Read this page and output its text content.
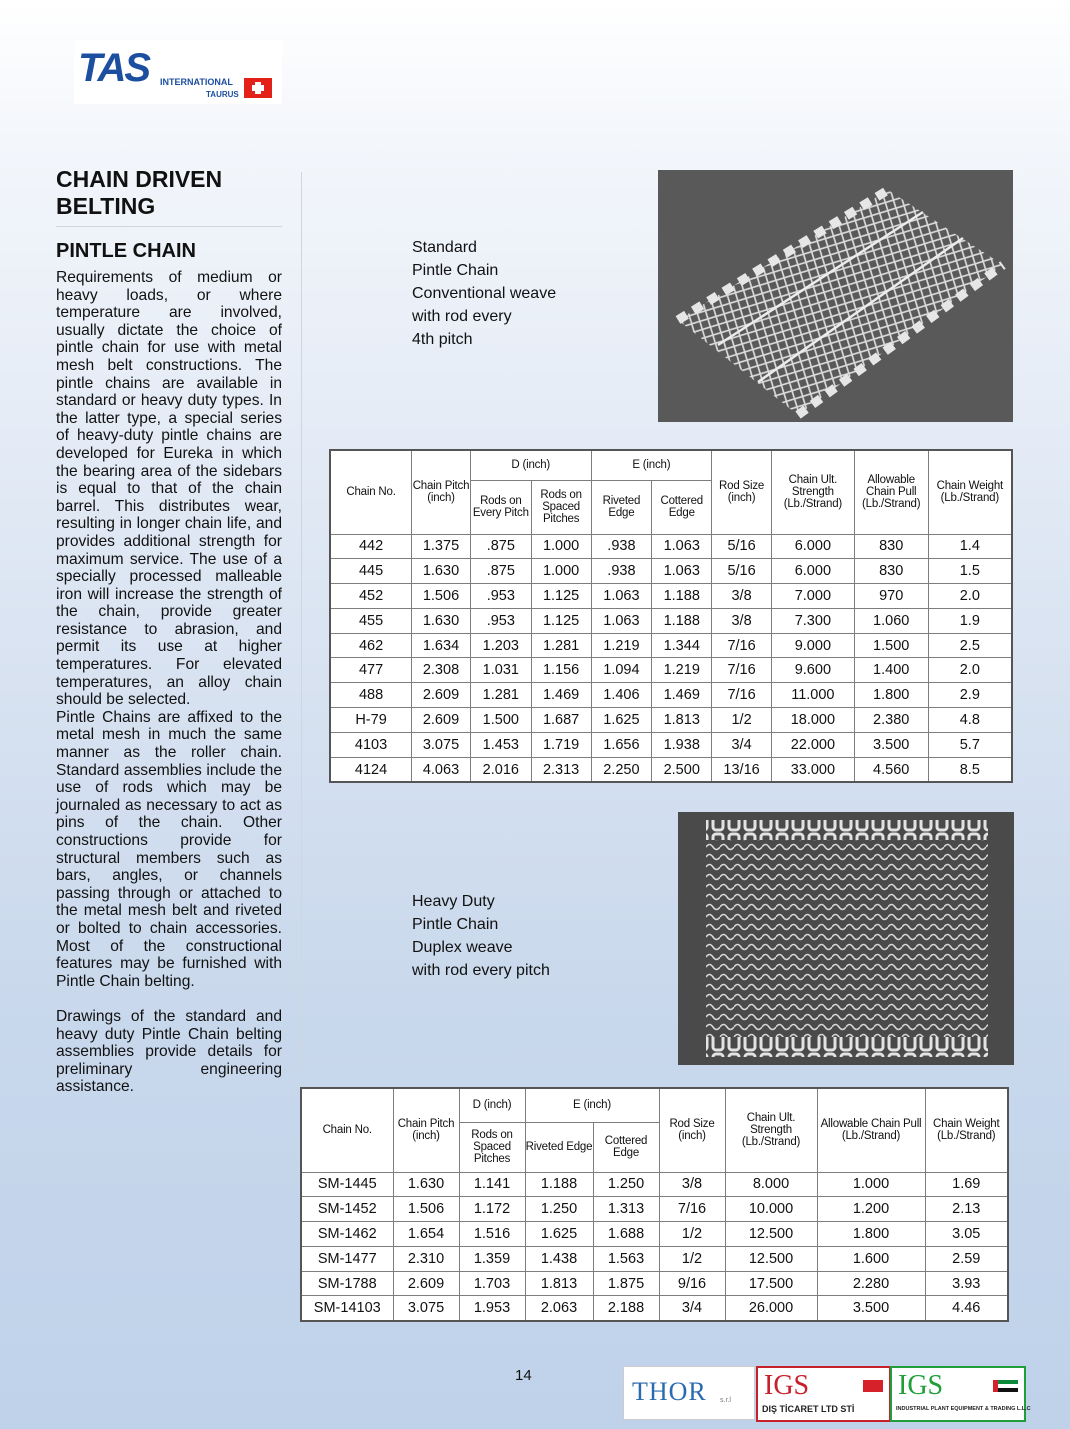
TAS INTERNATIONAL
TAURUS
CHAIN DRIVEN BELTING
PINTLE CHAIN

Requirements of medium or heavy loads, or where temperature are involved, usually dictate the choice of pintle chain for use with metal mesh belt constructions. The pintle chains are available in standard or heavy duty types. In the latter type, a special series of heavy-duty pintle chains are developed for Eureka in which the bearing area of the sidebars is equal to that of the chain barrel. This distributes wear, resulting in longer chain life, and provides additional strength for maximum service. The use of a specially processed malleable iron will increase the strength of the chain, provide greater resistance to abrasion, and permit its use at higher temperatures. For elevated temperatures, an alloy chain should be selected.

Pintle Chains are affixed to the metal mesh in much the same manner as the roller chain. Standard assemblies include the use of rods which may be journaled as necessary to act as pins of the chain. Other constructions provide for structural members such as bars, angles, or channels passing through or attached to the metal mesh belt and riveted or bolted to chain accessories. Most of the constructional features may be furnished with Pintle Chain belting.

Drawings of the standard and heavy duty Pintle Chain belting assemblies provide details for preliminary engineering assistance.

Standard
Pintle Chain
Conventional weave
with rod every
4th pitch
Chain No.	Chain Pitch (inch)	D (inch)		E (inch)		Rod Size (inch)	Chain Ult. Strength (Lb./Strand)	Allowable Chain Pull (Lb./Strand)	Chain Weight (Lb./Strand)
		Rods on Every Pitch	Rods on Spaced Pitches	Riveted Edge	Cottered Edge				
442	1.375	.875	1.000	.938	1.063	5/16	6.000	830	1.4
445	1.630	.875	1.000	.938	1.063	5/16	6.000	830	1.5
452	1.506	.953	1.125	1.063	1.188	3/8	7.000	970	2.0
455	1.630	.953	1.125	1.063	1.188	3/8	7.300	1.060	1.9
462	1.634	1.203	1.281	1.219	1.344	7/16	9.000	1.500	2.5
477	2.308	1.031	1.156	1.094	1.219	7/16	9.600	1.400	2.0
488	2.609	1.281	1.469	1.406	1.469	7/16	11.000	1.800	2.9
H-79	2.609	1.500	1.687	1.625	1.813	1/2	18.000	2.380	4.8
4103	3.075	1.453	1.719	1.656	1.938	3/4	22.000	3.500	5.7
4124	4.063	2.016	2.313	2.250	2.500	13/16	33.000	4.560	8.5
Heavy Duty
Pintle Chain
Duplex weave
with rod every pitch
Chain No.	Chain Pitch (inch)	D (inch)	E (inch)		Rod Size (inch)	Chain Ult. Strength (Lb./Strand)	Allowable Chain Pull (Lb./Strand)	Chain Weight (Lb./Strand)
		Rods on Spaced Pitches	Riveted Edge	Cottered Edge				
SM-1445	1.630	1.141	1.188	1.250	3/8	8.000	1.000	1.69
SM-1452	1.506	1.172	1.250	1.313	7/16	10.000	1.200	2.13
SM-1462	1.654	1.516	1.625	1.688	1/2	12.500	1.800	3.05
SM-1477	2.310	1.359	1.438	1.563	1/2	12.500	1.600	2.59
SM-1788	2.609	1.703	1.813	1.875	9/16	17.500	2.280	3.93
SM-14103	3.075	1.953	2.063	2.188	3/4	26.000	3.500	4.46
14
THOR s.r.l IGS
DIŞ TİCARET LTD STİ
IGS
INDUSTRIAL PLANT EQUIPMENT & TRADING L.L.C
